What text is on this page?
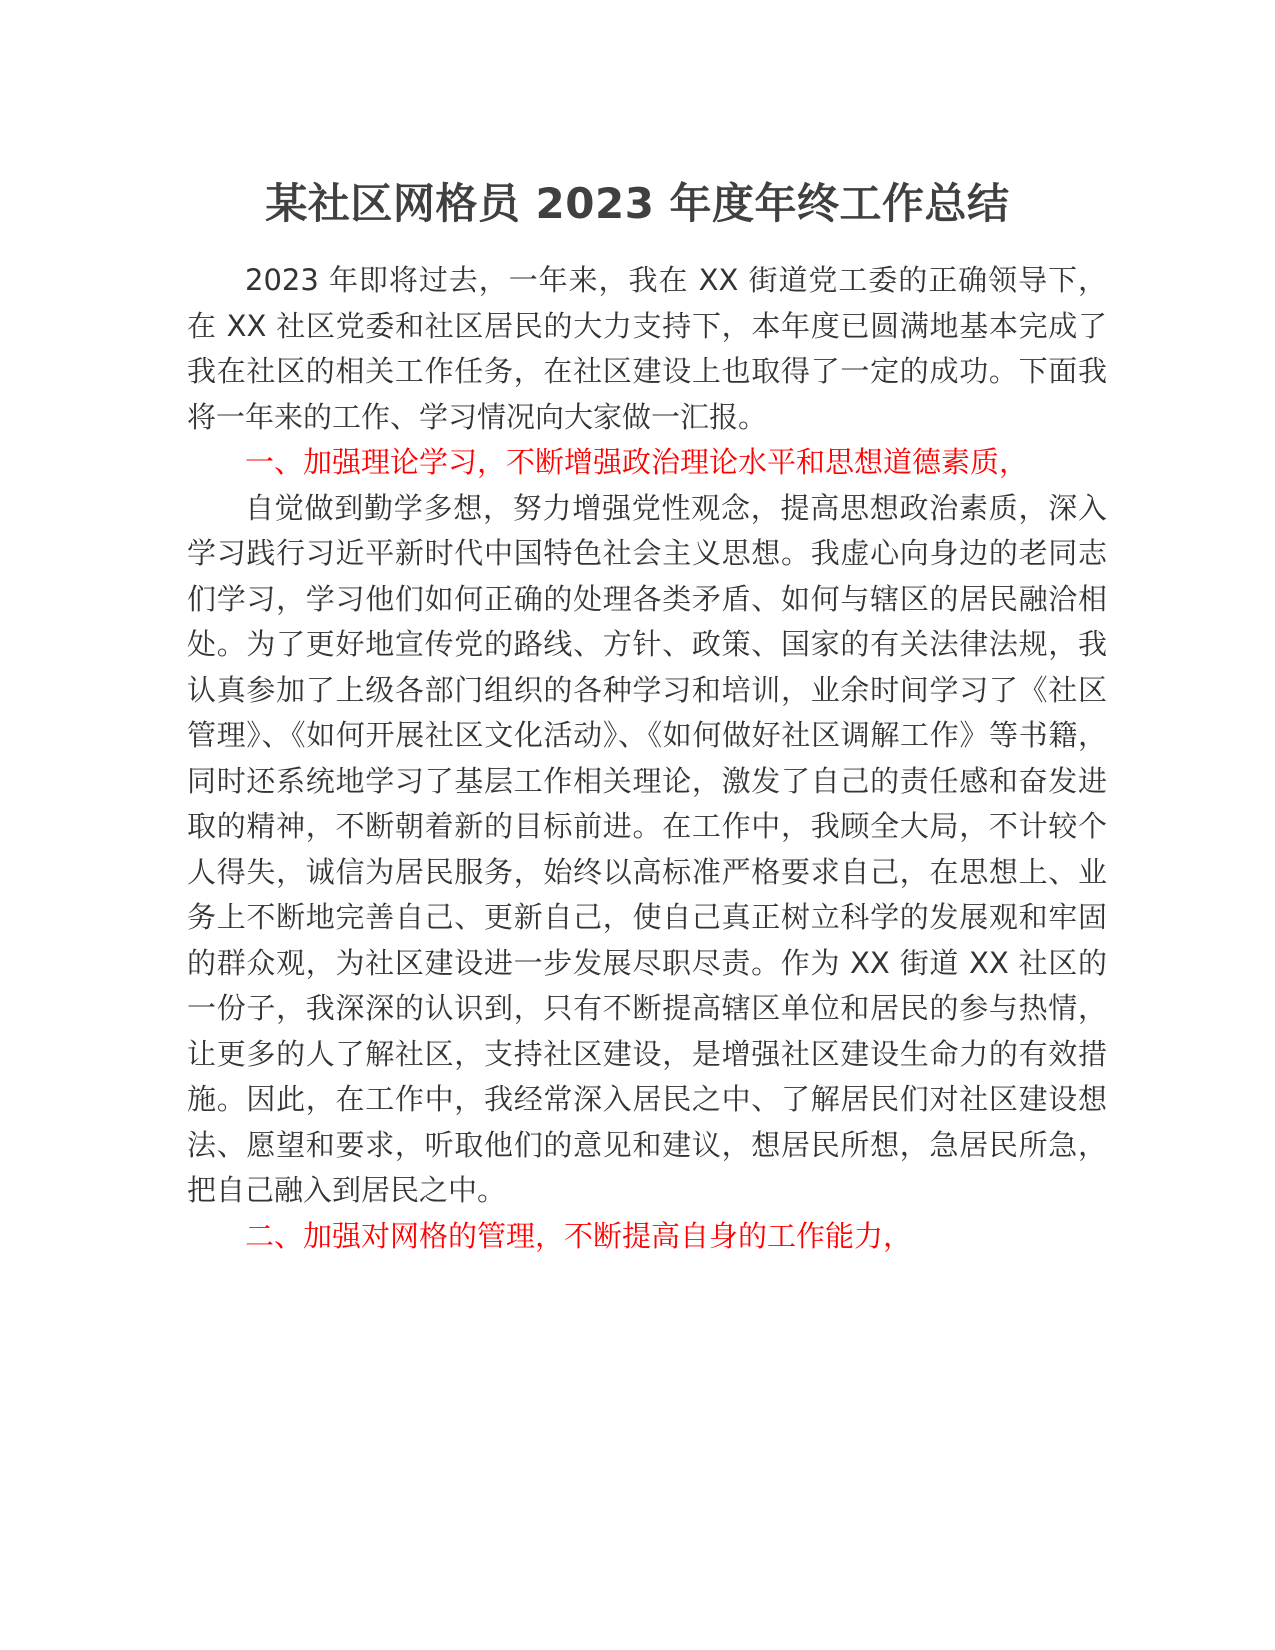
某社区网格员 2023 年度年终工作总结

2023 年即将过去，一年来，我在 XX 街道党工委的正确领导下，在 XX 社区党委和社区居民的大力支持下，本年度已圆满地基本完成了我在社区的相关工作任务，在社区建设上也取得了一定的成功。下面我将一年来的工作、学习情况向大家做一汇报。

一、加强理论学习，不断增强政治理论水平和思想道德素质，

自觉做到勤学多想，努力增强党性观念，提高思想政治素质，深入学习践行习近平新时代中国特色社会主义思想。我虚心向身边的老同志们学习，学习他们如何正确的处理各类矛盾、如何与辖区的居民融洽相处。为了更好地宣传党的路线、方针、政策、国家的有关法律法规，我认真参加了上级各部门组织的各种学习和培训，业余时间学习了《社区管理》、《如何开展社区文化活动》、《如何做好社区调解工作》等书籍，同时还系统地学习了基层工作相关理论，激发了自己的责任感和奋发进取的精神，不断朝着新的目标前进。在工作中，我顾全大局，不计较个人得失，诚信为居民服务，始终以高标准严格要求自己，在思想上、业务上不断地完善自己、更新自己，使自己真正树立科学的发展观和牢固的群众观，为社区建设进一步发展尽职尽责。作为 XX 街道 XX 社区的一份子，我深深的认识到，只有不断提高辖区单位和居民的参与热情，让更多的人了解社区，支持社区建设，是增强社区建设生命力的有效措施。因此，在工作中，我经常深入居民之中、了解居民们对社区建设想法、愿望和要求，听取他们的意见和建议，想居民所想，急居民所急，把自己融入到居民之中。

二、加强对网格的管理，不断提高自身的工作能力，
